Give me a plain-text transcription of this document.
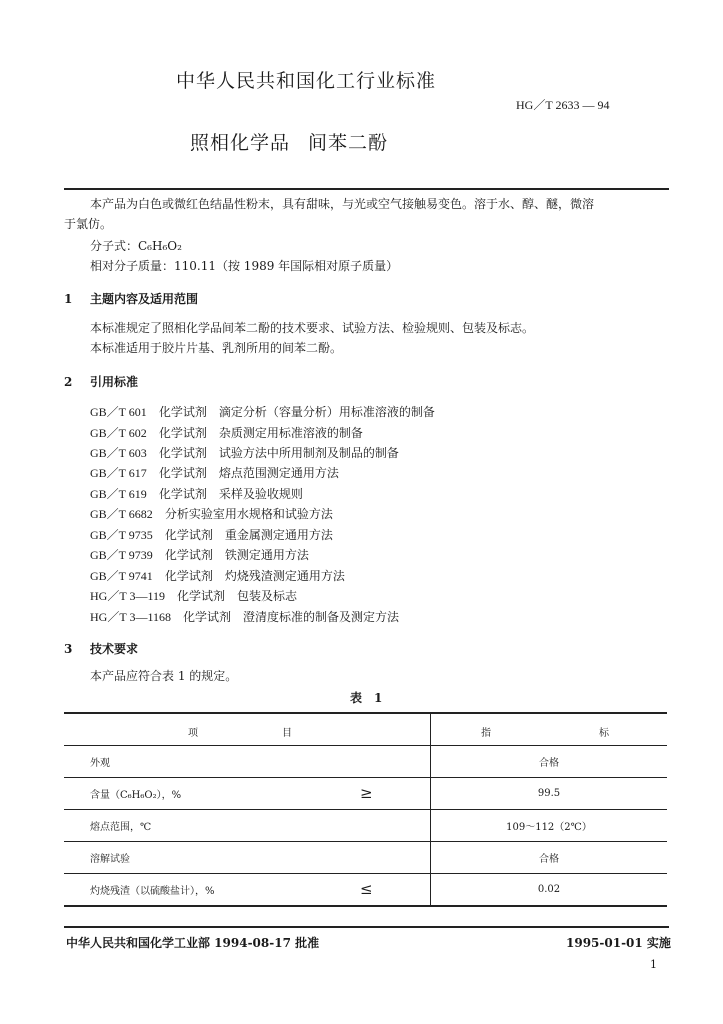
中华人民共和国化工行业标准
HG／T 2633 — 94
照相化学品 间苯二酚
本产品为白色或微红色结晶性粉末，具有甜味，与光或空气接触易变色。溶于水、醇、醚，微溶
于氯仿。
分子式：C₆H₆O₂
相对分子质量：110.11（按 1989 年国际相对原子质量）
1 主题内容及适用范围
本标准规定了照相化学品间苯二酚的技术要求、试验方法、检验规则、包装及标志。
本标准适用于胶片片基、乳剂所用的间苯二酚。
2 引用标准
GB／T 601　 化学试剂　滴定分析（容量分析）用标准溶液的制备
GB／T 602　 化学试剂　杂质测定用标准溶液的制备
GB／T 603　 化学试剂　试验方法中所用制剂及制品的制备
GB／T 617　 化学试剂　熔点范围测定通用方法
GB／T 619　 化学试剂　采样及验收规则
GB／T 6682　 分析实验室用水规格和试验方法
GB／T 9735　 化学试剂　重金属测定通用方法
GB／T 9739　 化学试剂　铁测定通用方法
GB／T 9741　 化学试剂　灼烧残渣测定通用方法
HG／T 3—119　 化学试剂　包装及标志
HG／T 3—1168　 化学试剂　澄清度标准的制备及测定方法
3 技术要求
本产品应符合表 1 的规定。
表　1
项 目	指 标

外观		合格
含量（C₆H₆O₂），% ≥		99.5
熔点范围，℃		109～112（2℃）
溶解试验		合格
灼烧残渣（以硫酸盐计），% ≤		0.02
中华人民共和国化学工业部 1994-08-17 批准	1995-01-01 实施
1
